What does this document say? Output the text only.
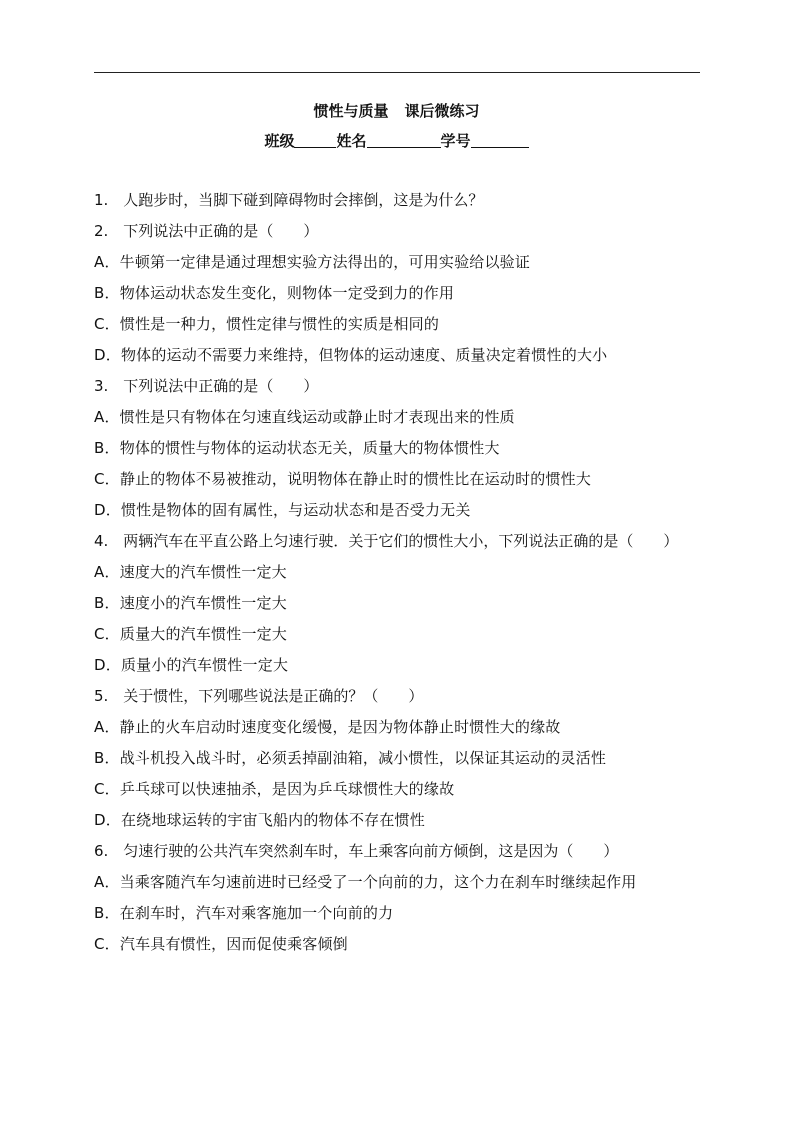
惯性与质量 课后微练习
班级	姓名	学号
1.　人跑步时，当脚下碰到障碍物时会摔倒，这是为什么？
2.　下列说法中正确的是（　　）
A．牛顿第一定律是通过理想实验方法得出的，可用实验给以验证
B．物体运动状态发生变化，则物体一定受到力的作用
C．惯性是一种力，惯性定律与惯性的实质是相同的
D．物体的运动不需要力来维持，但物体的运动速度、质量决定着惯性的大小
3.　下列说法中正确的是（　　）
A．惯性是只有物体在匀速直线运动或静止时才表现出来的性质
B．物体的惯性与物体的运动状态无关，质量大的物体惯性大
C．静止的物体不易被推动，说明物体在静止时的惯性比在运动时的惯性大
D．惯性是物体的固有属性，与运动状态和是否受力无关
4.　两辆汽车在平直公路上匀速行驶．关于它们的惯性大小，下列说法正确的是（　　）
A．速度大的汽车惯性一定大
B．速度小的汽车惯性一定大
C．质量大的汽车惯性一定大
D．质量小的汽车惯性一定大
5.　关于惯性，下列哪些说法是正确的？（　　）
A．静止的火车启动时速度变化缓慢，是因为物体静止时惯性大的缘故
B．战斗机投入战斗时，必须丢掉副油箱，减小惯性，以保证其运动的灵活性
C．乒乓球可以快速抽杀，是因为乒乓球惯性大的缘故
D．在绕地球运转的宇宙飞船内的物体不存在惯性
6.　匀速行驶的公共汽车突然刹车时，车上乘客向前方倾倒，这是因为（　　）
A．当乘客随汽车匀速前进时已经受了一个向前的力，这个力在刹车时继续起作用
B．在刹车时，汽车对乘客施加一个向前的力
C．汽车具有惯性，因而促使乘客倾倒
